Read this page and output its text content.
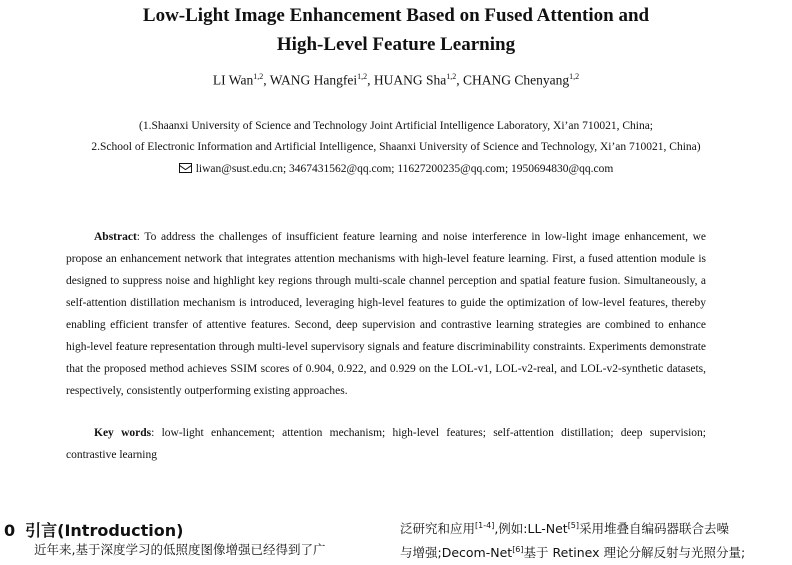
Low-Light Image Enhancement Based on Fused Attention and
High-Level Feature Learning
LI Wan$^{1,2}$, WANG Hangfei$^{1,2}$, HUANG Sha$^{1,2}$, CHANG Chenyang$^{1,2}$
(1.Shaanxi University of Science and Technology Joint Artificial Intelligence Laboratory, Xi’an 710021, China;
2.School of Electronic Information and Artificial Intelligence, Shaanxi University of Science and Technology, Xi’an 710021, China)
liwan@sust.edu.cn; 3467431562@qq.com; 11627200235@qq.com; 1950694830@qq.com
Abstract: To address the challenges of insufficient feature learning and noise interference in low-light image enhancement, we propose an enhancement network that integrates attention mechanisms with high-level feature learning. First, a fused attention module is designed to suppress noise and highlight key regions through multi-scale channel perception and spatial feature fusion. Simultaneously, a self-attention distillation mechanism is introduced, leveraging high-level features to guide the optimization of low-level features, thereby enabling efficient transfer of attentive features. Second, deep supervision and contrastive learning strategies are combined to enhance high-level feature representation through multi-level supervisory signals and feature discriminability constraints. Experiments demonstrate that the proposed method achieves SSIM scores of 0.904, 0.922, and 0.929 on the LOL-v1, LOL-v2-real, and LOL-v2-synthetic datasets, respectively, consistently outperforming existing approaches.
Key words: low-light enhancement; attention mechanism; high-level features; self-attention distillation; deep supervision; contrastive learning
0 引言(Introduction)
近年来,基于深度学习的低照度图像增强已经得到了广
泛研究和应用[1-4],例如:LL-Net[5]采用堆叠自编码器联合去噪
与增强;Decom-Net[6]基于 Retinex 理论分解反射与光照分量;
